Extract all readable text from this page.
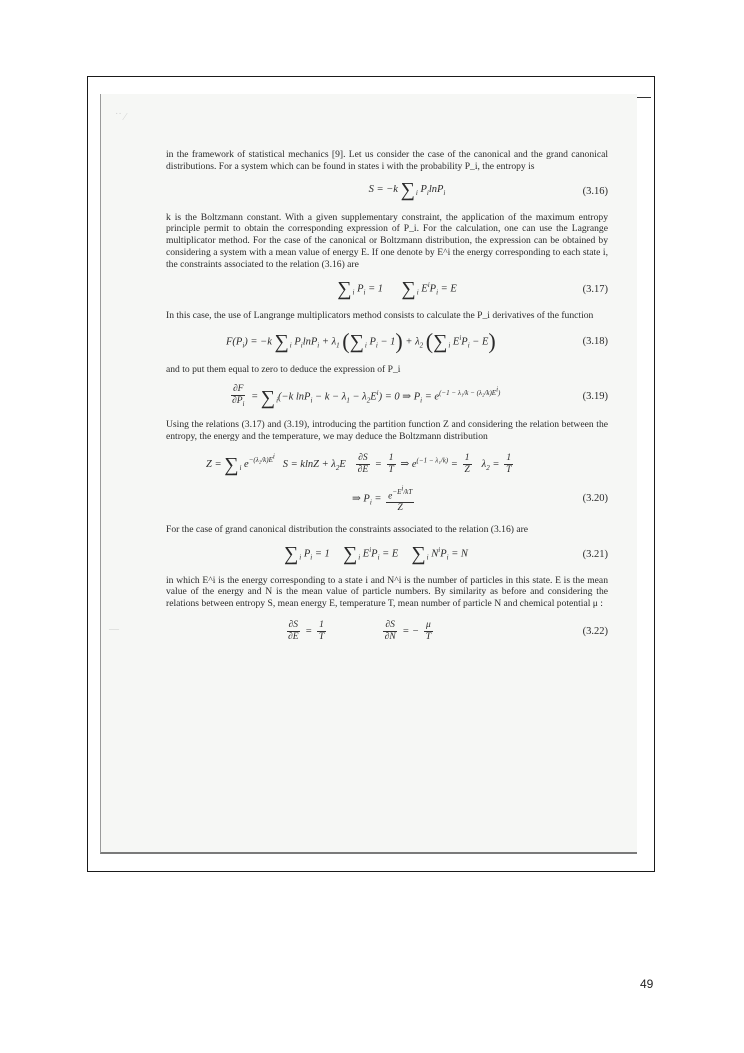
˙˙ ⁄
—

in the framework of statistical mechanics [9]. Let us consider the case of the canonical and the grand canonical distributions. For a system which can be found in states i with the probability P_i, the entropy is

S = −k $\sum_i$ $P_i\ln P_i$	(3.16)

k is the Boltzmann constant. With a given supplementary constraint, the application of the maximum entropy principle permit to obtain the corresponding expression of P_i. For the calculation, one can use the Lagrange multiplicator method. For the case of the canonical or Boltzmann distribution, the expression can be obtained by considering a system with a mean value of energy E. If one denote by E^i the energy corresponding to each state i, the constraints associated to the relation (3.16) are

$\sum_i$ $P_i = 1$       $\sum_i$ $E^iP_i = E$	(3.17)

In this case, the use of Langrange multiplicators method consists to calculate the P_i derivatives of the function

$F(P_i) = -k$ $\sum_i$ $P_i\ln P_i + \lambda_1$ ($\sum_i$ $P_i - 1) + \lambda_2$ ($\sum_i$ $E^iP_i - E$)	(3.18)

and to put them equal to zero to deduce the expression of P_i

$\frac{\partial F}{\partial P_i} = \sum_i(-k$ $\ln P_i - k - \lambda_1 - \lambda_2E^i) = 0$ ⇒ $P_i = e^{(-1 - \lambda_1/k - (\lambda_2/k)E^i)}$	(3.19)

Using the relations (3.17) and (3.19), introducing the partition function Z and considering the relation between the entropy, the energy and the temperature, we may deduce the Boltzmann distribution

$Z = \sum_i$ $e^{-(\lambda_2/k)E^i}$   $S = klnZ + \lambda_2E \frac{\partial S}{\partial E} = \frac{1}{T}$ ⇒ $e^{(-1 - \lambda_1/k)} = \frac{1}{Z} \lambda_2 = \frac{1}{T}$
⇒ $P_i = \frac{e^{-E^i/kT}}{Z}$	(3.20)

For the case of grand canonical distribution the constraints associated to the relation (3.16) are

$\sum_i$ $P_i = 1$     $\sum_i$ $E^iP_i = E$     $\sum_i$ $N^iP_i = N$	(3.21)

in which E^i is the energy corresponding to a state i and N^i is the number of particles in this state. E is the mean value of the energy and N is the mean value of particle numbers. By similarity as before and considering the relations between entropy S, mean energy E, temperature T, mean number of particle N and chemical potential μ :

$\frac{\partial S}{\partial E} = \frac{1}{T}$
	$\frac{\partial S}{\partial N}$ = − $\frac{\mu}{T}$	(3.22)
49
